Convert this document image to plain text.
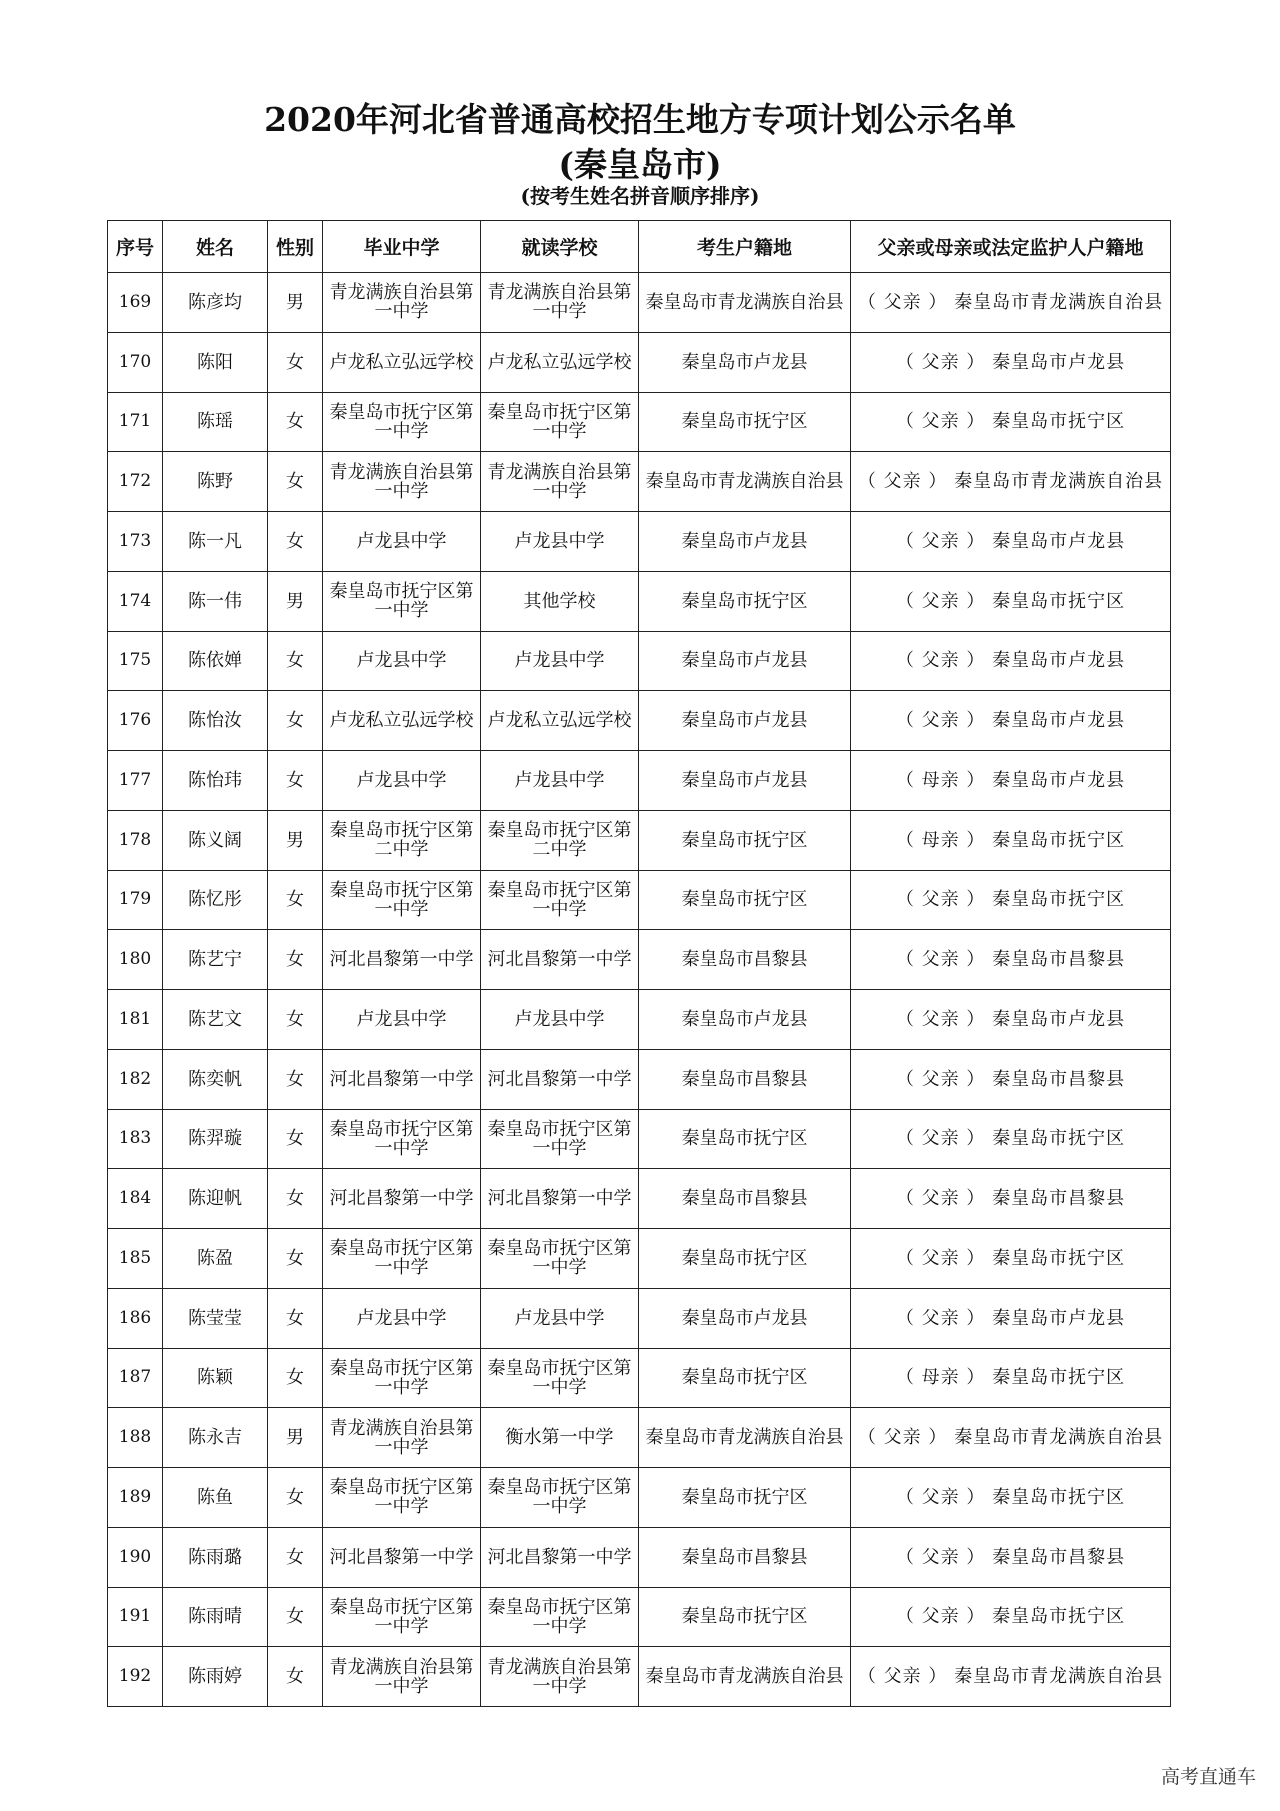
2020年河北省普通高校招生地方专项计划公示名单
(秦皇岛市)

(按考生姓名拼音顺序排序)

序号	姓名	性别	毕业中学	就读学校	考生户籍地	父亲或母亲或法定监护人户籍地
169	陈彦均	男	青龙满族自治县第一中学	青龙满族自治县第一中学	秦皇岛市青龙满族自治县	（ 父亲 ） 秦皇岛市青龙满族自治县
170	陈阳	女	卢龙私立弘远学校	卢龙私立弘远学校	秦皇岛市卢龙县	（ 父亲 ） 秦皇岛市卢龙县
171	陈瑶	女	秦皇岛市抚宁区第一中学	秦皇岛市抚宁区第一中学	秦皇岛市抚宁区	（ 父亲 ） 秦皇岛市抚宁区
172	陈野	女	青龙满族自治县第一中学	青龙满族自治县第一中学	秦皇岛市青龙满族自治县	（ 父亲 ） 秦皇岛市青龙满族自治县
173	陈一凡	女	卢龙县中学	卢龙县中学	秦皇岛市卢龙县	（ 父亲 ） 秦皇岛市卢龙县
174	陈一伟	男	秦皇岛市抚宁区第一中学	其他学校	秦皇岛市抚宁区	（ 父亲 ） 秦皇岛市抚宁区
175	陈依婵	女	卢龙县中学	卢龙县中学	秦皇岛市卢龙县	（ 父亲 ） 秦皇岛市卢龙县
176	陈怡汝	女	卢龙私立弘远学校	卢龙私立弘远学校	秦皇岛市卢龙县	（ 父亲 ） 秦皇岛市卢龙县
177	陈怡玮	女	卢龙县中学	卢龙县中学	秦皇岛市卢龙县	（ 母亲 ） 秦皇岛市卢龙县
178	陈义阔	男	秦皇岛市抚宁区第二中学	秦皇岛市抚宁区第二中学	秦皇岛市抚宁区	（ 母亲 ） 秦皇岛市抚宁区
179	陈忆彤	女	秦皇岛市抚宁区第一中学	秦皇岛市抚宁区第一中学	秦皇岛市抚宁区	（ 父亲 ） 秦皇岛市抚宁区
180	陈艺宁	女	河北昌黎第一中学	河北昌黎第一中学	秦皇岛市昌黎县	（ 父亲 ） 秦皇岛市昌黎县
181	陈艺文	女	卢龙县中学	卢龙县中学	秦皇岛市卢龙县	（ 父亲 ） 秦皇岛市卢龙县
182	陈奕帆	女	河北昌黎第一中学	河北昌黎第一中学	秦皇岛市昌黎县	（ 父亲 ） 秦皇岛市昌黎县
183	陈羿璇	女	秦皇岛市抚宁区第一中学	秦皇岛市抚宁区第一中学	秦皇岛市抚宁区	（ 父亲 ） 秦皇岛市抚宁区
184	陈迎帆	女	河北昌黎第一中学	河北昌黎第一中学	秦皇岛市昌黎县	（ 父亲 ） 秦皇岛市昌黎县
185	陈盈	女	秦皇岛市抚宁区第一中学	秦皇岛市抚宁区第一中学	秦皇岛市抚宁区	（ 父亲 ） 秦皇岛市抚宁区
186	陈莹莹	女	卢龙县中学	卢龙县中学	秦皇岛市卢龙县	（ 父亲 ） 秦皇岛市卢龙县
187	陈颖	女	秦皇岛市抚宁区第一中学	秦皇岛市抚宁区第一中学	秦皇岛市抚宁区	（ 母亲 ） 秦皇岛市抚宁区
188	陈永吉	男	青龙满族自治县第一中学	衡水第一中学	秦皇岛市青龙满族自治县	（ 父亲 ） 秦皇岛市青龙满族自治县
189	陈鱼	女	秦皇岛市抚宁区第一中学	秦皇岛市抚宁区第一中学	秦皇岛市抚宁区	（ 父亲 ） 秦皇岛市抚宁区
190	陈雨璐	女	河北昌黎第一中学	河北昌黎第一中学	秦皇岛市昌黎县	（ 父亲 ） 秦皇岛市昌黎县
191	陈雨晴	女	秦皇岛市抚宁区第一中学	秦皇岛市抚宁区第一中学	秦皇岛市抚宁区	（ 父亲 ） 秦皇岛市抚宁区
192	陈雨婷	女	青龙满族自治县第一中学	青龙满族自治县第一中学	秦皇岛市青龙满族自治县	（ 父亲 ） 秦皇岛市青龙满族自治县
高考直通车
